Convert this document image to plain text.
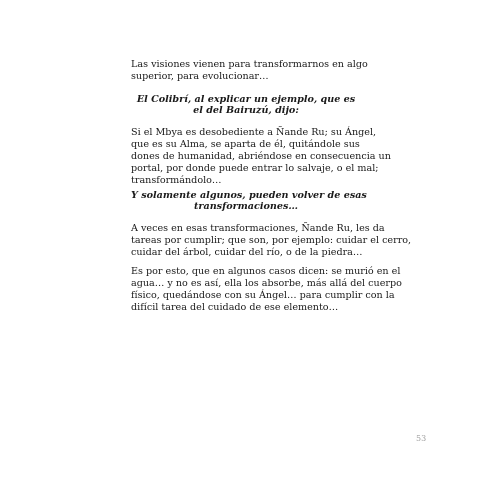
Las visiones vienen para transformarnos en algo
superior, para evolucionar…
El Colibrí, al explicar un ejemplo, que es
el del Bairuzú, dijo:
Si el Mbya es desobediente a Ñande Ru; su Ángel,
que es su Alma, se aparta de él, quitándole sus
dones de humanidad, abriéndose en consecuencia un
portal, por donde puede entrar lo salvaje, o el mal;
transformándolo…
Y solamente algunos, pueden volver de esas
transformaciones…
A veces en esas transformaciones, Ñande Ru, les da
tareas por cumplir; que son, por ejemplo: cuidar el cerro,
cuidar del árbol, cuidar del río, o de la piedra…
Es por esto, que en algunos casos dicen: se murió en el
agua… y no es así, ella los absorbe, más allá del cuerpo
físico, quedándose con su Ángel… para cumplir con la
difícil tarea del cuidado de ese elemento…
53
